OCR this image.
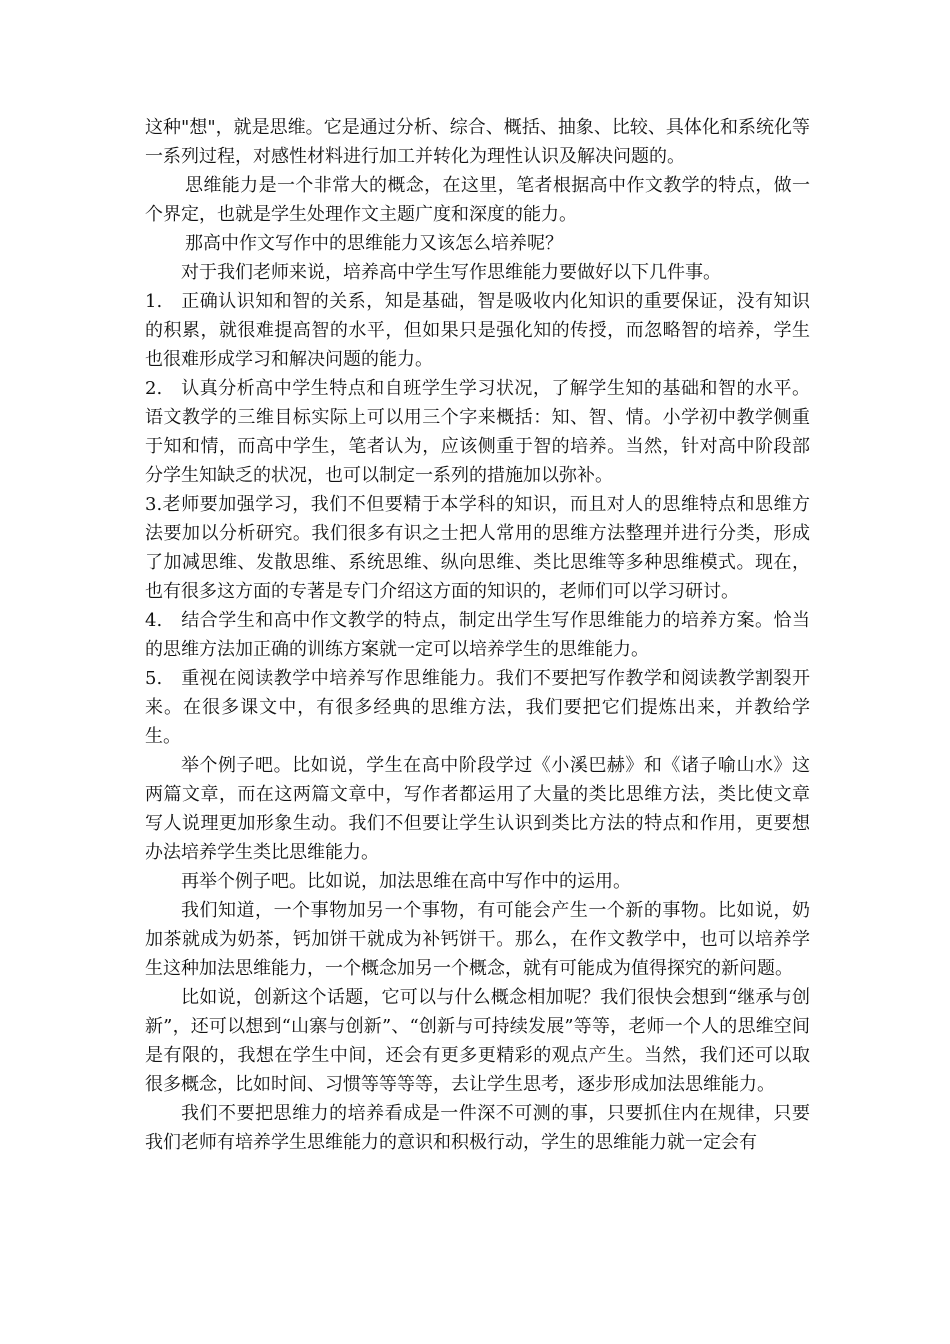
这种"想"，就是思维。它是通过分析、综合、概括、抽象、比较、具体化和系统化等一系列过程，对感性材料进行加工并转化为理性认识及解决问题的。

思维能力是一个非常大的概念，在这里，笔者根据高中作文教学的特点，做一个界定，也就是学生处理作文主题广度和深度的能力。

那高中作文写作中的思维能力又该怎么培养呢？

对于我们老师来说，培养高中学生写作思维能力要做好以下几件事。

1.　正确认识知和智的关系，知是基础，智是吸收内化知识的重要保证，没有知识的积累，就很难提高智的水平，但如果只是强化知的传授，而忽略智的培养，学生也很难形成学习和解决问题的能力。

2.　认真分析高中学生特点和自班学生学习状况，了解学生知的基础和智的水平。语文教学的三维目标实际上可以用三个字来概括：知、智、情。小学初中教学侧重于知和情，而高中学生，笔者认为，应该侧重于智的培养。当然，针对高中阶段部分学生知缺乏的状况，也可以制定一系列的措施加以弥补。

3.老师要加强学习，我们不但要精于本学科的知识，而且对人的思维特点和思维方法要加以分析研究。我们很多有识之士把人常用的思维方法整理并进行分类，形成了加减思维、发散思维、系统思维、纵向思维、类比思维等多种思维模式。现在，也有很多这方面的专著是专门介绍这方面的知识的，老师们可以学习研讨。

4.　结合学生和高中作文教学的特点，制定出学生写作思维能力的培养方案。恰当的思维方法加正确的训练方案就一定可以培养学生的思维能力。

5.　重视在阅读教学中培养写作思维能力。我们不要把写作教学和阅读教学割裂开来。在很多课文中，有很多经典的思维方法，我们要把它们提炼出来，并教给学生。

举个例子吧。比如说，学生在高中阶段学过《小溪巴赫》和《诸子喻山水》这两篇文章，而在这两篇文章中，写作者都运用了大量的类比思维方法，类比使文章写人说理更加形象生动。我们不但要让学生认识到类比方法的特点和作用，更要想办法培养学生类比思维能力。

再举个例子吧。比如说，加法思维在高中写作中的运用。

我们知道，一个事物加另一个事物，有可能会产生一个新的事物。比如说，奶加茶就成为奶茶，钙加饼干就成为补钙饼干。那么，在作文教学中，也可以培养学生这种加法思维能力，一个概念加另一个概念，就有可能成为值得探究的新问题。

比如说，创新这个话题，它可以与什么概念相加呢？我们很快会想到“继承与创新”，还可以想到“山寨与创新”、“创新与可持续发展”等等，老师一个人的思维空间是有限的，我想在学生中间，还会有更多更精彩的观点产生。当然，我们还可以取很多概念，比如时间、习惯等等等等，去让学生思考，逐步形成加法思维能力。

我们不要把思维力的培养看成是一件深不可测的事，只要抓住内在规律，只要我们老师有培养学生思维能力的意识和积极行动，学生的思维能力就一定会有
